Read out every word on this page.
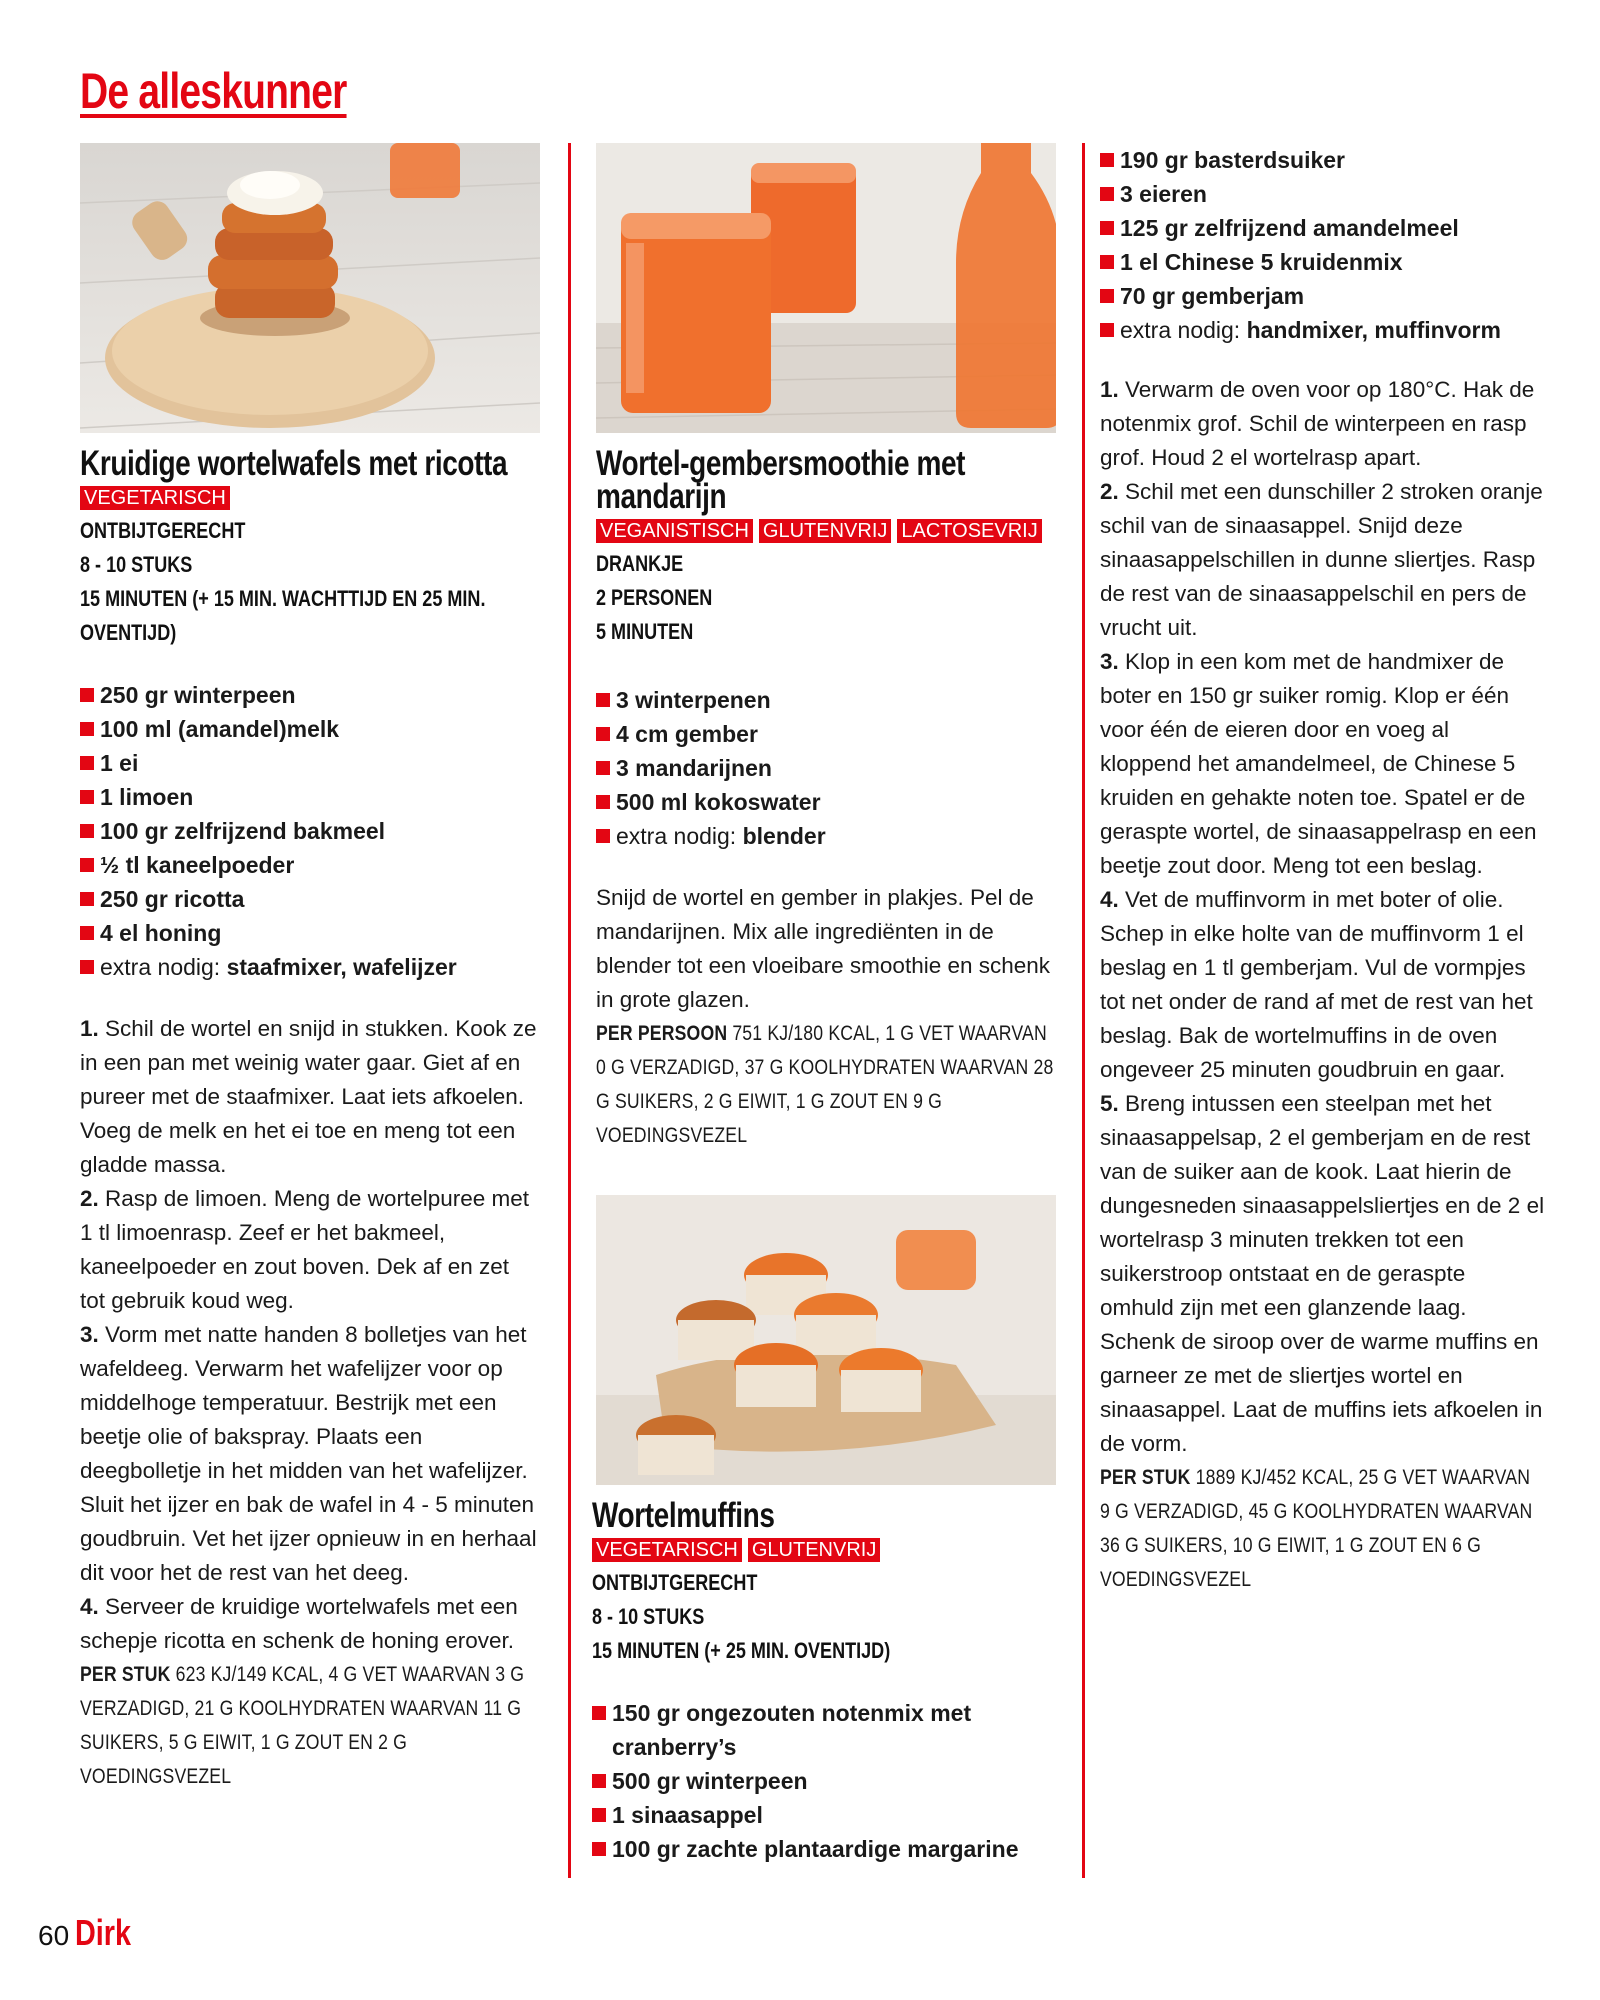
De alleskunner
Kruidige wortelwafels met ricotta
VEGETARISCH
ONTBIJTGERECHT
8 - 10 STUKS
15 MINUTEN (+ 15 MIN. WACHTTIJD EN 25 MIN. OVENTIJD)
250 gr winterpeen
100 ml (amandel)melk
1 ei
1 limoen
100 gr zelfrijzend bakmeel
½ tl kaneelpoeder
250 gr ricotta
4 el honing
extra nodig: staafmixer, wafelijzer

1. Schil de wortel en snijd in stukken. Kook ze in een pan met weinig water gaar. Giet af en pureer met de staafmixer. Laat iets afkoelen. Voeg de melk en het ei toe en meng tot een gladde massa.

2. Rasp de limoen. Meng de wortelpuree met 1 tl limoenrasp. Zeef er het bakmeel, kaneelpoeder en zout boven. Dek af en zet tot gebruik koud weg.

3. Vorm met natte handen 8 bolletjes van het wafeldeeg. Verwarm het wafelijzer voor op middelhoge temperatuur. Bestrijk met een beetje olie of bakspray. Plaats een deegbolletje in het midden van het wafelijzer. Sluit het ijzer en bak de wafel in 4 - 5 minuten goudbruin. Vet het ijzer opnieuw in en herhaal dit voor het de rest van het deeg.

4. Serveer de kruidige wortelwafels met een schepje ricotta en schenk de honing erover.

PER STUK 623 KJ/149 KCAL, 4 G VET WAARVAN 3 G VERZADIGD, 21 G KOOLHYDRATEN WAARVAN 11 G SUIKERS, 5 G EIWIT, 1 G ZOUT EN 2 G VOEDINGSVEZEL
Wortel-gembersmoothie met mandarijn
VEGANISTISCH GLUTENVRIJ LACTOSEVRIJ
DRANKJE
2 PERSONEN
5 MINUTEN
3 winterpenen
4 cm gember
3 mandarijnen
500 ml kokoswater
extra nodig: blender

Snijd de wortel en gember in plakjes. Pel de mandarijnen. Mix alle ingrediënten in de blender tot een vloeibare smoothie en schenk in grote glazen.

PER PERSOON 751 KJ/180 KCAL, 1 G VET WAARVAN 0 G VERZADIGD, 37 G KOOLHYDRATEN WAARVAN 28 G SUIKERS, 2 G EIWIT, 1 G ZOUT EN 9 G VOEDINGSVEZEL
Wortelmuffins
VEGETARISCH GLUTENVRIJ
ONTBIJTGERECHT
8 - 10 STUKS
15 MINUTEN (+ 25 MIN. OVENTIJD)
150 gr ongezouten notenmix met cranberry’s
500 gr winterpeen
1 sinaasappel
100 gr zachte plantaardige margarine
190 gr basterdsuiker
3 eieren
125 gr zelfrijzend amandelmeel
1 el Chinese 5 kruidenmix
70 gr gemberjam
extra nodig: handmixer, muffinvorm

1. Verwarm de oven voor op 180°C. Hak de notenmix grof. Schil de winterpeen en rasp grof. Houd 2 el wortelrasp apart.

2. Schil met een dunschiller 2 stroken oranje schil van de sinaasappel. Snijd deze sinaasappelschillen in dunne sliertjes. Rasp de rest van de sinaasappelschil en pers de vrucht uit.

3. Klop in een kom met de handmixer de boter en 150 gr suiker romig. Klop er één voor één de eieren door en voeg al kloppend het amandelmeel, de Chinese 5 kruiden en gehakte noten toe. Spatel er de geraspte wortel, de sinaasappelrasp en een beetje zout door. Meng tot een beslag.

4. Vet de muffinvorm in met boter of olie. Schep in elke holte van de muffinvorm 1 el beslag en 1 tl gemberjam. Vul de vormpjes tot net onder de rand af met de rest van het beslag. Bak de wortelmuffins in de oven ongeveer 25 minuten goudbruin en gaar.

5. Breng intussen een steelpan met het sinaasappelsap, 2 el gemberjam en de rest van de suiker aan de kook. Laat hierin de dungesneden sinaasappelsliertjes en de 2 el wortelrasp 3 minuten trekken tot een suikerstroop ontstaat en de geraspte omhuld zijn met een glanzende laag. Schenk de siroop over de warme muffins en garneer ze met de sliertjes wortel en sinaasappel. Laat de muffins iets afkoelen in de vorm.

PER STUK 1889 KJ/452 KCAL, 25 G VET WAARVAN 9 G VERZADIGD, 45 G KOOLHYDRATEN WAARVAN 36 G SUIKERS, 10 G EIWIT, 1 G ZOUT EN 6 G VOEDINGSVEZEL
60 Dirk
